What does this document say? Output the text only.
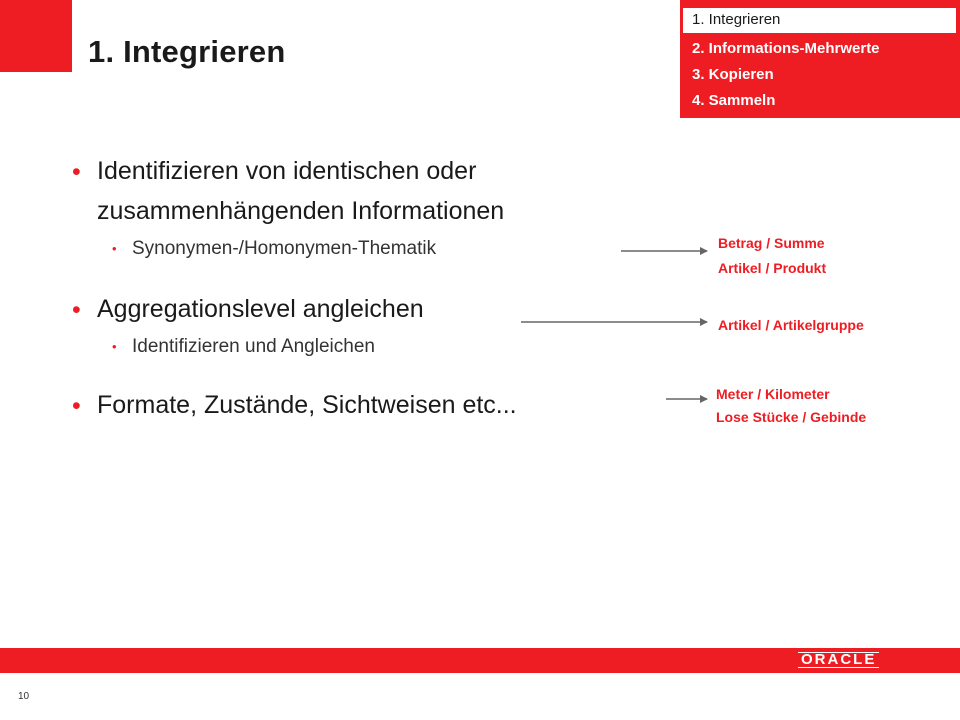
1. Integrieren
1. Integrieren
2. Informations-Mehrwerte
3. Kopieren
4. Sammeln
• Identifizieren von identischen oder
zusammenhängenden Informationen
• Synonymen-/Homonymen-Thematik
• Aggregationslevel angleichen
• Identifizieren und Angleichen
• Formate, Zustände, Sichtweisen etc...
Betrag / Summe
Artikel / Produkt
Artikel / Artikelgruppe
Meter / Kilometer
Lose Stücke / Gebinde
ORACLE
10
